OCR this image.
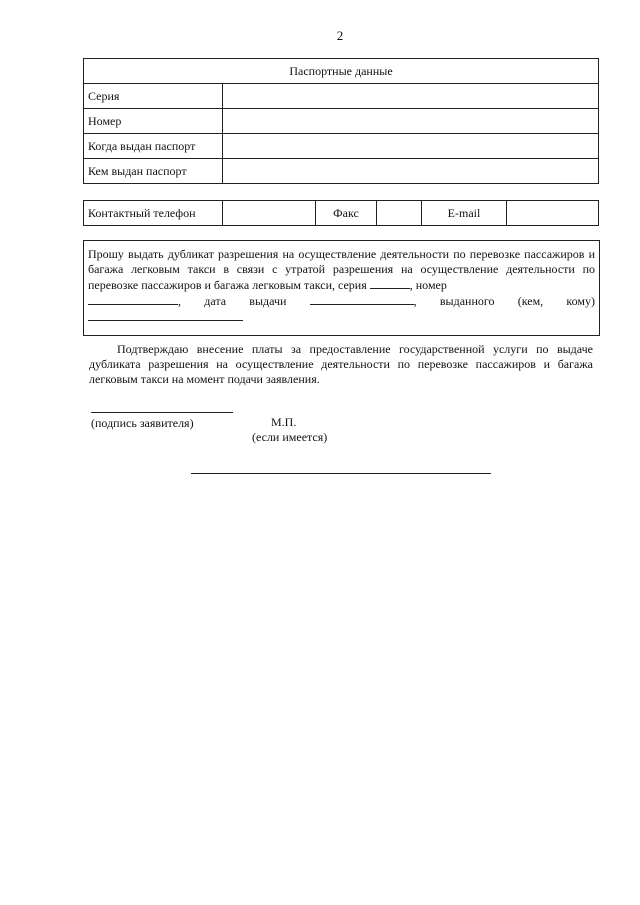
2
Паспортные данные	
Серия	
Номер	
Когда выдан паспорт	
Кем выдан паспорт	
Контактный телефон		Факс		E-mail	
Прошу выдать дубликат разрешения на осуществление деятельности по перевозке пассажиров и багажа легковым такси в связи с утратой разрешения на осуществление деятельности по перевозке пассажиров и багажа легковым такси, серия	, номер
, дата выдачи	, выданного (кем, кому)
Подтверждаю внесение платы за предоставление государственной услуги по выдаче дубликата разрешения на осуществление деятельности по перевозке пассажиров и багажа легковым такси на момент подачи заявления.
(подпись заявителя)	М.П.
(если имеется)
